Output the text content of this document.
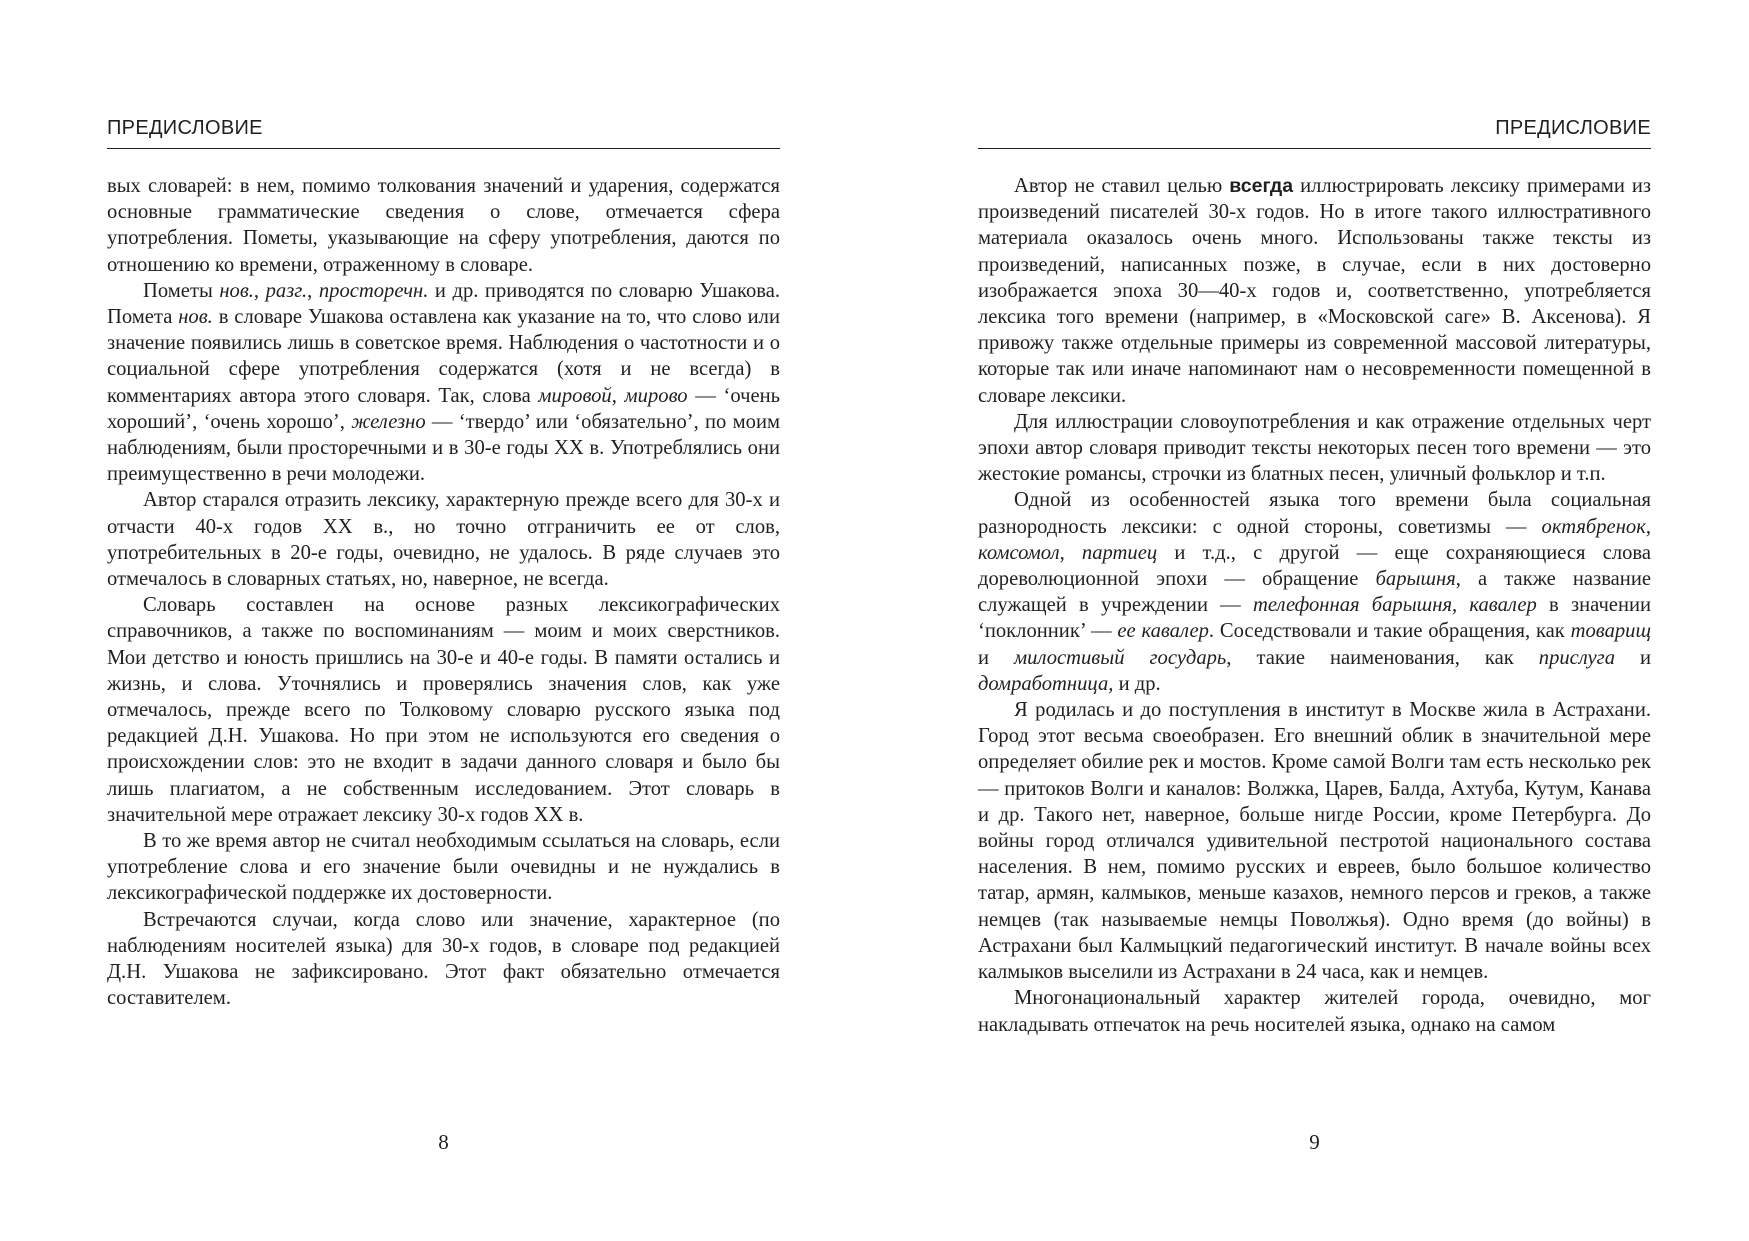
ПРЕДИСЛОВИЕ

вых словарей: в нем, помимо толкования значений и ударения, содержатся основные грамматические сведения о слове, отмечается сфера употребления. Пометы, указывающие на сферу употребления, даются по отношению ко времени, отраженному в словаре.

Пометы нов., разг., просторечн. и др. приводятся по словарю Ушакова. Помета нов. в словаре Ушакова оставлена как указание на то, что слово или значение появились лишь в советское время. Наблюдения о частотности и о социальной сфере употребления содержатся (хотя и не всегда) в комментариях автора этого словаря. Так, слова мировой, мирово — ‘очень хороший’, ‘очень хорошо’, железно — ‘твердо’ или ‘обязательно’, по моим наблюдениям, были просторечными и в 30-е годы XX в. Употреблялись они преимущественно в речи молодежи.

Автор старался отразить лексику, характерную прежде всего для 30-х и отчасти 40-х годов XX в., но точно отграничить ее от слов, употребительных в 20-е годы, очевидно, не удалось. В ряде случаев это отмечалось в словарных статьях, но, наверное, не всегда.

Словарь составлен на основе разных лексикографических справочников, а также по воспоминаниям — моим и моих сверстников. Мои детство и юность пришлись на 30-е и 40-е годы. В памяти остались и жизнь, и слова. Уточнялись и проверялись значения слов, как уже отмечалось, прежде всего по Толковому словарю русского языка под редакцией Д.Н. Ушакова. Но при этом не используются его сведения о происхождении слов: это не входит в задачи данного словаря и было бы лишь плагиатом, а не собственным исследованием. Этот словарь в значительной мере отражает лексику 30-х годов XX в.

В то же время автор не считал необходимым ссылаться на словарь, если употребление слова и его значение были очевидны и не нуждались в лексикографической поддержке их достоверности.

Встречаются случаи, когда слово или значение, характерное (по наблюдениям носителей языка) для 30-х годов, в словаре под редакцией Д.Н. Ушакова не зафиксировано. Этот факт обязательно отмечается составителем.

8
ПРЕДИСЛОВИЕ

Автор не ставил целью всегда иллюстрировать лексику примерами из произведений писателей 30-х годов. Но в итоге такого иллюстративного материала оказалось очень много. Использованы также тексты из произведений, написанных позже, в случае, если в них достоверно изображается эпоха 30—40-х годов и, соответственно, употребляется лексика того времени (например, в «Московской саге» В. Аксенова). Я привожу также отдельные примеры из современной массовой литературы, которые так или иначе напоминают нам о несовременности помещенной в словаре лексики.

Для иллюстрации словоупотребления и как отражение отдельных черт эпохи автор словаря приводит тексты некоторых песен того времени — это жестокие романсы, строчки из блатных песен, уличный фольклор и т.п.

Одной из особенностей языка того времени была социальная разнородность лексики: с одной стороны, советизмы — октябренок, комсомол, партиец и т.д., с другой — еще сохраняющиеся слова дореволюционной эпохи — обращение барышня, а также название служащей в учреждении — телефонная барышня, кавалер в значении ‘поклонник’ — ее кавалер. Соседствовали и такие обращения, как товарищ и милостивый государь, такие наименования, как прислуга и домработница, и др.

Я родилась и до поступления в институт в Москве жила в Астрахани. Город этот весьма своеобразен. Его внешний облик в значительной мере определяет обилие рек и мостов. Кроме самой Волги там есть несколько рек — притоков Волги и каналов: Волжка, Царев, Балда, Ахтуба, Кутум, Канава и др. Такого нет, наверное, больше нигде России, кроме Петербурга. До войны город отличался удивительной пестротой национального состава населения. В нем, помимо русских и евреев, было большое количество татар, армян, калмыков, меньше казахов, немного персов и греков, а также немцев (так называемые немцы Поволжья). Одно время (до войны) в Астрахани был Калмыцкий педагогический институт. В начале войны всех калмыков выселили из Астрахани в 24 часа, как и немцев.

Многонациональный характер жителей города, очевидно, мог накладывать отпечаток на речь носителей языка, однако на самом

9
